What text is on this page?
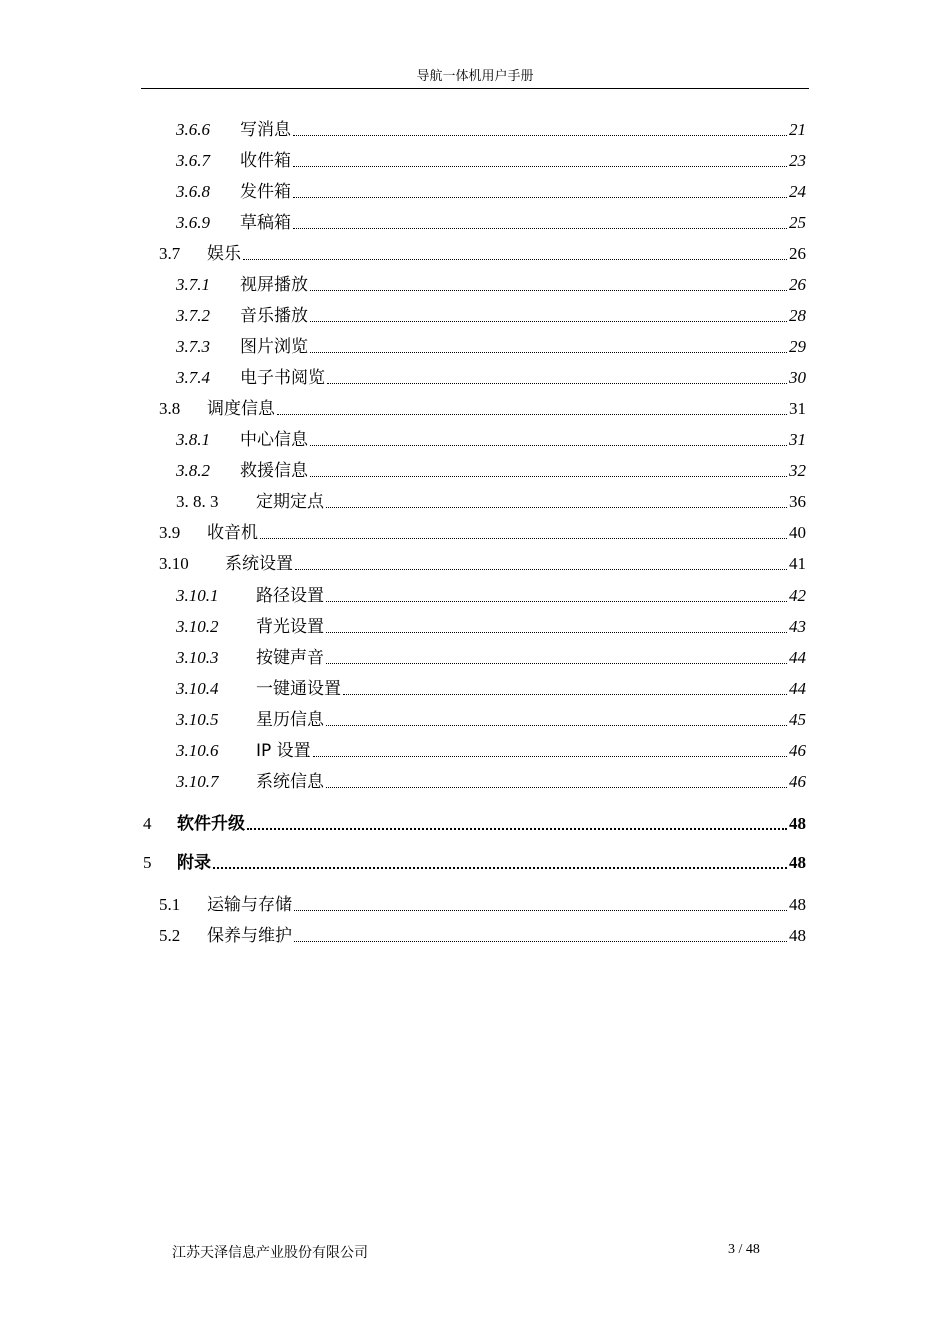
导航一体机用户手册
3.6.6	写消息	21
3.6.7	收件箱	23
3.6.8	发件箱	24
3.6.9	草稿箱	25
3.7	娱乐	26
3.7.1	视屏播放	26
3.7.2	音乐播放	28
3.7.3	图片浏览	29
3.7.4	电子书阅览	30
3.8	调度信息	31
3.8.1	中心信息	31
3.8.2	救援信息	32
3. 8. 3	定期定点	36
3.9	收音机	40
3.10	系统设置	41
3.10.1	路径设置	42
3.10.2	背光设置	43
3.10.3	按键声音	44
3.10.4	一键通设置	44
3.10.5	星历信息	45
3.10.6	IP 设置	46
3.10.7	系统信息	46
4	软件升级	48
5	附录	48
5.1	运输与存储	48
5.2	保养与维护	48
江苏天泽信息产业股份有限公司	3 / 48
